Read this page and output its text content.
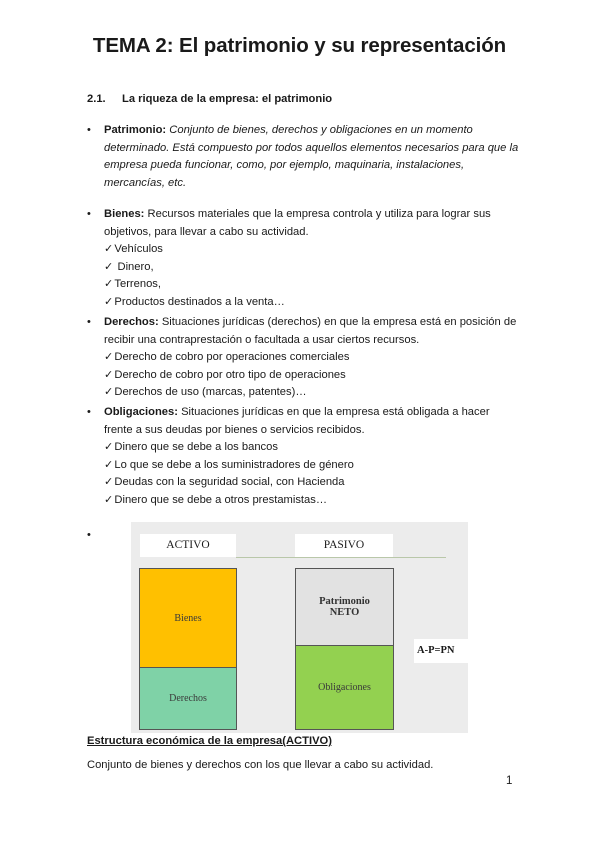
TEMA 2: El patrimonio y su representación
2.1. La riqueza de la empresa: el patrimonio
• Patrimonio: Conjunto de bienes, derechos y obligaciones en un momento
determinado. Está compuesto por todos aquellos elementos necesarios para que la
empresa pueda funcionar, como, por ejemplo, maquinaria, instalaciones,
mercancías, etc.
• Bienes: Recursos materiales que la empresa controla y utiliza para lograr sus
objetivos, para llevar a cabo su actividad.
✓Vehículos
✓ Dinero,
✓Terrenos,
✓Productos destinados a la venta…
• Derechos: Situaciones jurídicas (derechos) en que la empresa está en posición de
recibir una contraprestación o facultada a usar ciertos recursos.
✓Derecho de cobro por operaciones comerciales
✓Derecho de cobro por otro tipo de operaciones
✓Derechos de uso (marcas, patentes)…
• Obligaciones: Situaciones jurídicas en que la empresa está obligada a hacer
frente a sus deudas por bienes o servicios recibidos.
✓Dinero que se debe a los bancos
✓Lo que se debe a los suministradores de género
✓Deudas con la seguridad social, con Hacienda
✓Dinero que se debe a otros prestamistas…
•
ACTIVO	PASIVO
Bienes
Derechos
Patrimonio
NETO
Obligaciones
A-P=PN
Estructura económica de la empresa(ACTIVO)
Conjunto de bienes y derechos con los que llevar a cabo su actividad.
1
